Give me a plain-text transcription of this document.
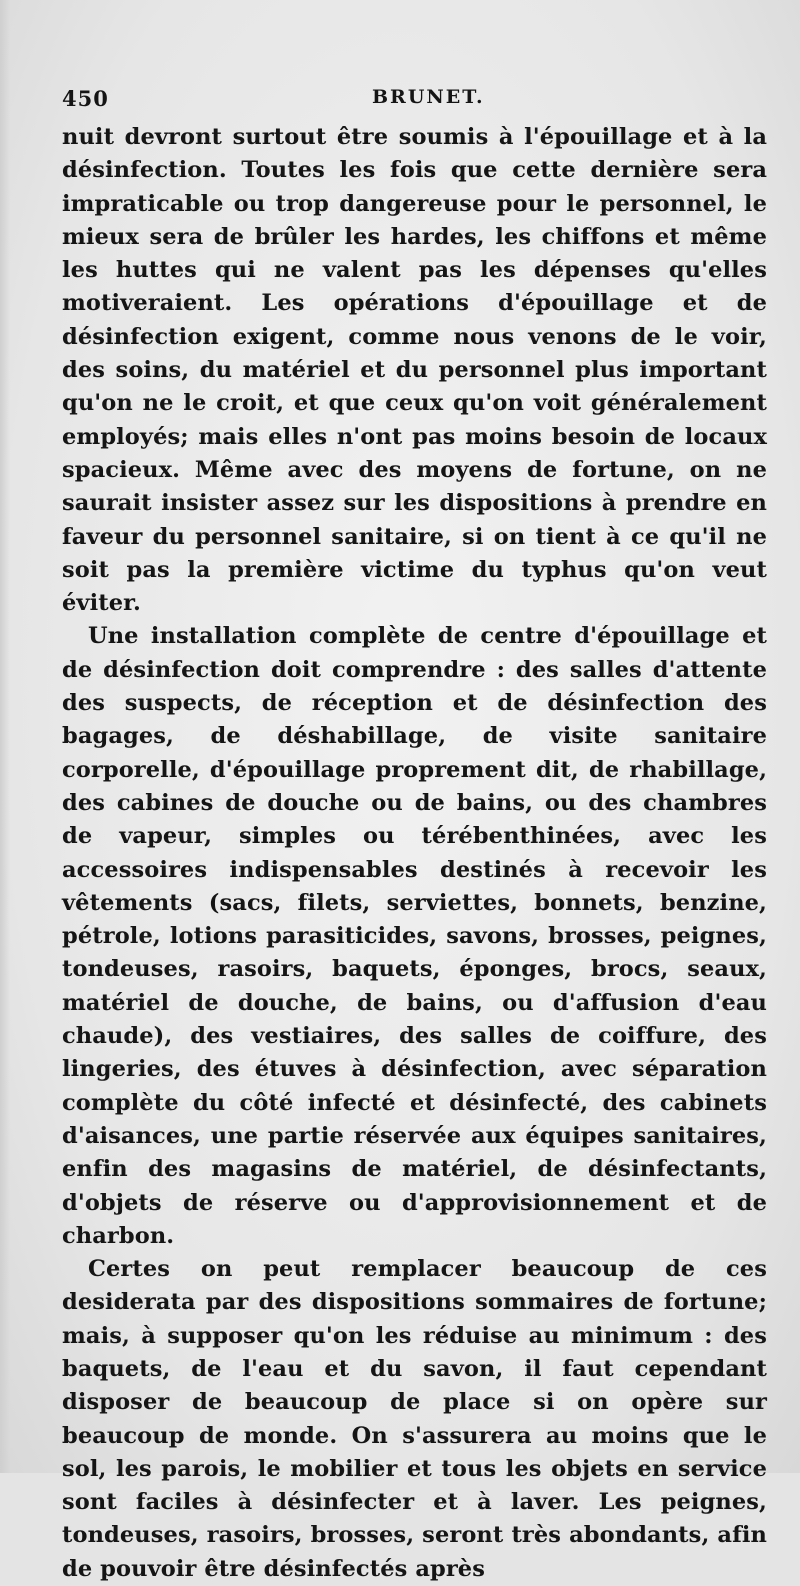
450	BRUNET.

nuit devront surtout être soumis à l'épouillage et à la désinfection. Toutes les fois que cette dernière sera impraticable ou trop dangereuse pour le personnel, le mieux sera de brûler les hardes, les chiffons et même les huttes qui ne valent pas les dépenses qu'elles motiveraient. Les opérations d'épouillage et de désinfection exigent, comme nous venons de le voir, des soins, du matériel et du personnel plus important qu'on ne le croit, et que ceux qu'on voit généralement employés; mais elles n'ont pas moins besoin de locaux spacieux. Même avec des moyens de fortune, on ne saurait insister assez sur les dispositions à prendre en faveur du personnel sanitaire, si on tient à ce qu'il ne soit pas la première victime du typhus qu'on veut éviter.

Une installation complète de centre d'épouillage et de désinfection doit comprendre : des salles d'attente des suspects, de réception et de désinfection des bagages, de déshabillage, de visite sanitaire corporelle, d'épouillage proprement dit, de rhabillage, des cabines de douche ou de bains, ou des chambres de vapeur, simples ou térébenthinées, avec les accessoires indispensables destinés à recevoir les vêtements (sacs, filets, serviettes, bonnets, benzine, pétrole, lotions parasiticides, savons, brosses, peignes, tondeuses, rasoirs, baquets, éponges, brocs, seaux, matériel de douche, de bains, ou d'affusion d'eau chaude), des vestiaires, des salles de coiffure, des lingeries, des étuves à désinfection, avec séparation complète du côté infecté et désinfecté, des cabinets d'aisances, une partie réservée aux équipes sanitaires, enfin des magasins de matériel, de désinfectants, d'objets de réserve ou d'approvisionnement et de charbon.

Certes on peut remplacer beaucoup de ces desiderata par des dispositions sommaires de fortune; mais, à supposer qu'on les réduise au minimum : des baquets, de l'eau et du savon, il faut cependant disposer de beaucoup de place si on opère sur beaucoup de monde. On s'assurera au moins que le sol, les parois, le mobilier et tous les objets en service sont faciles à désinfecter et à laver. Les peignes, tondeuses, rasoirs, brosses, seront très abondants, afin de pouvoir être désinfectés après
